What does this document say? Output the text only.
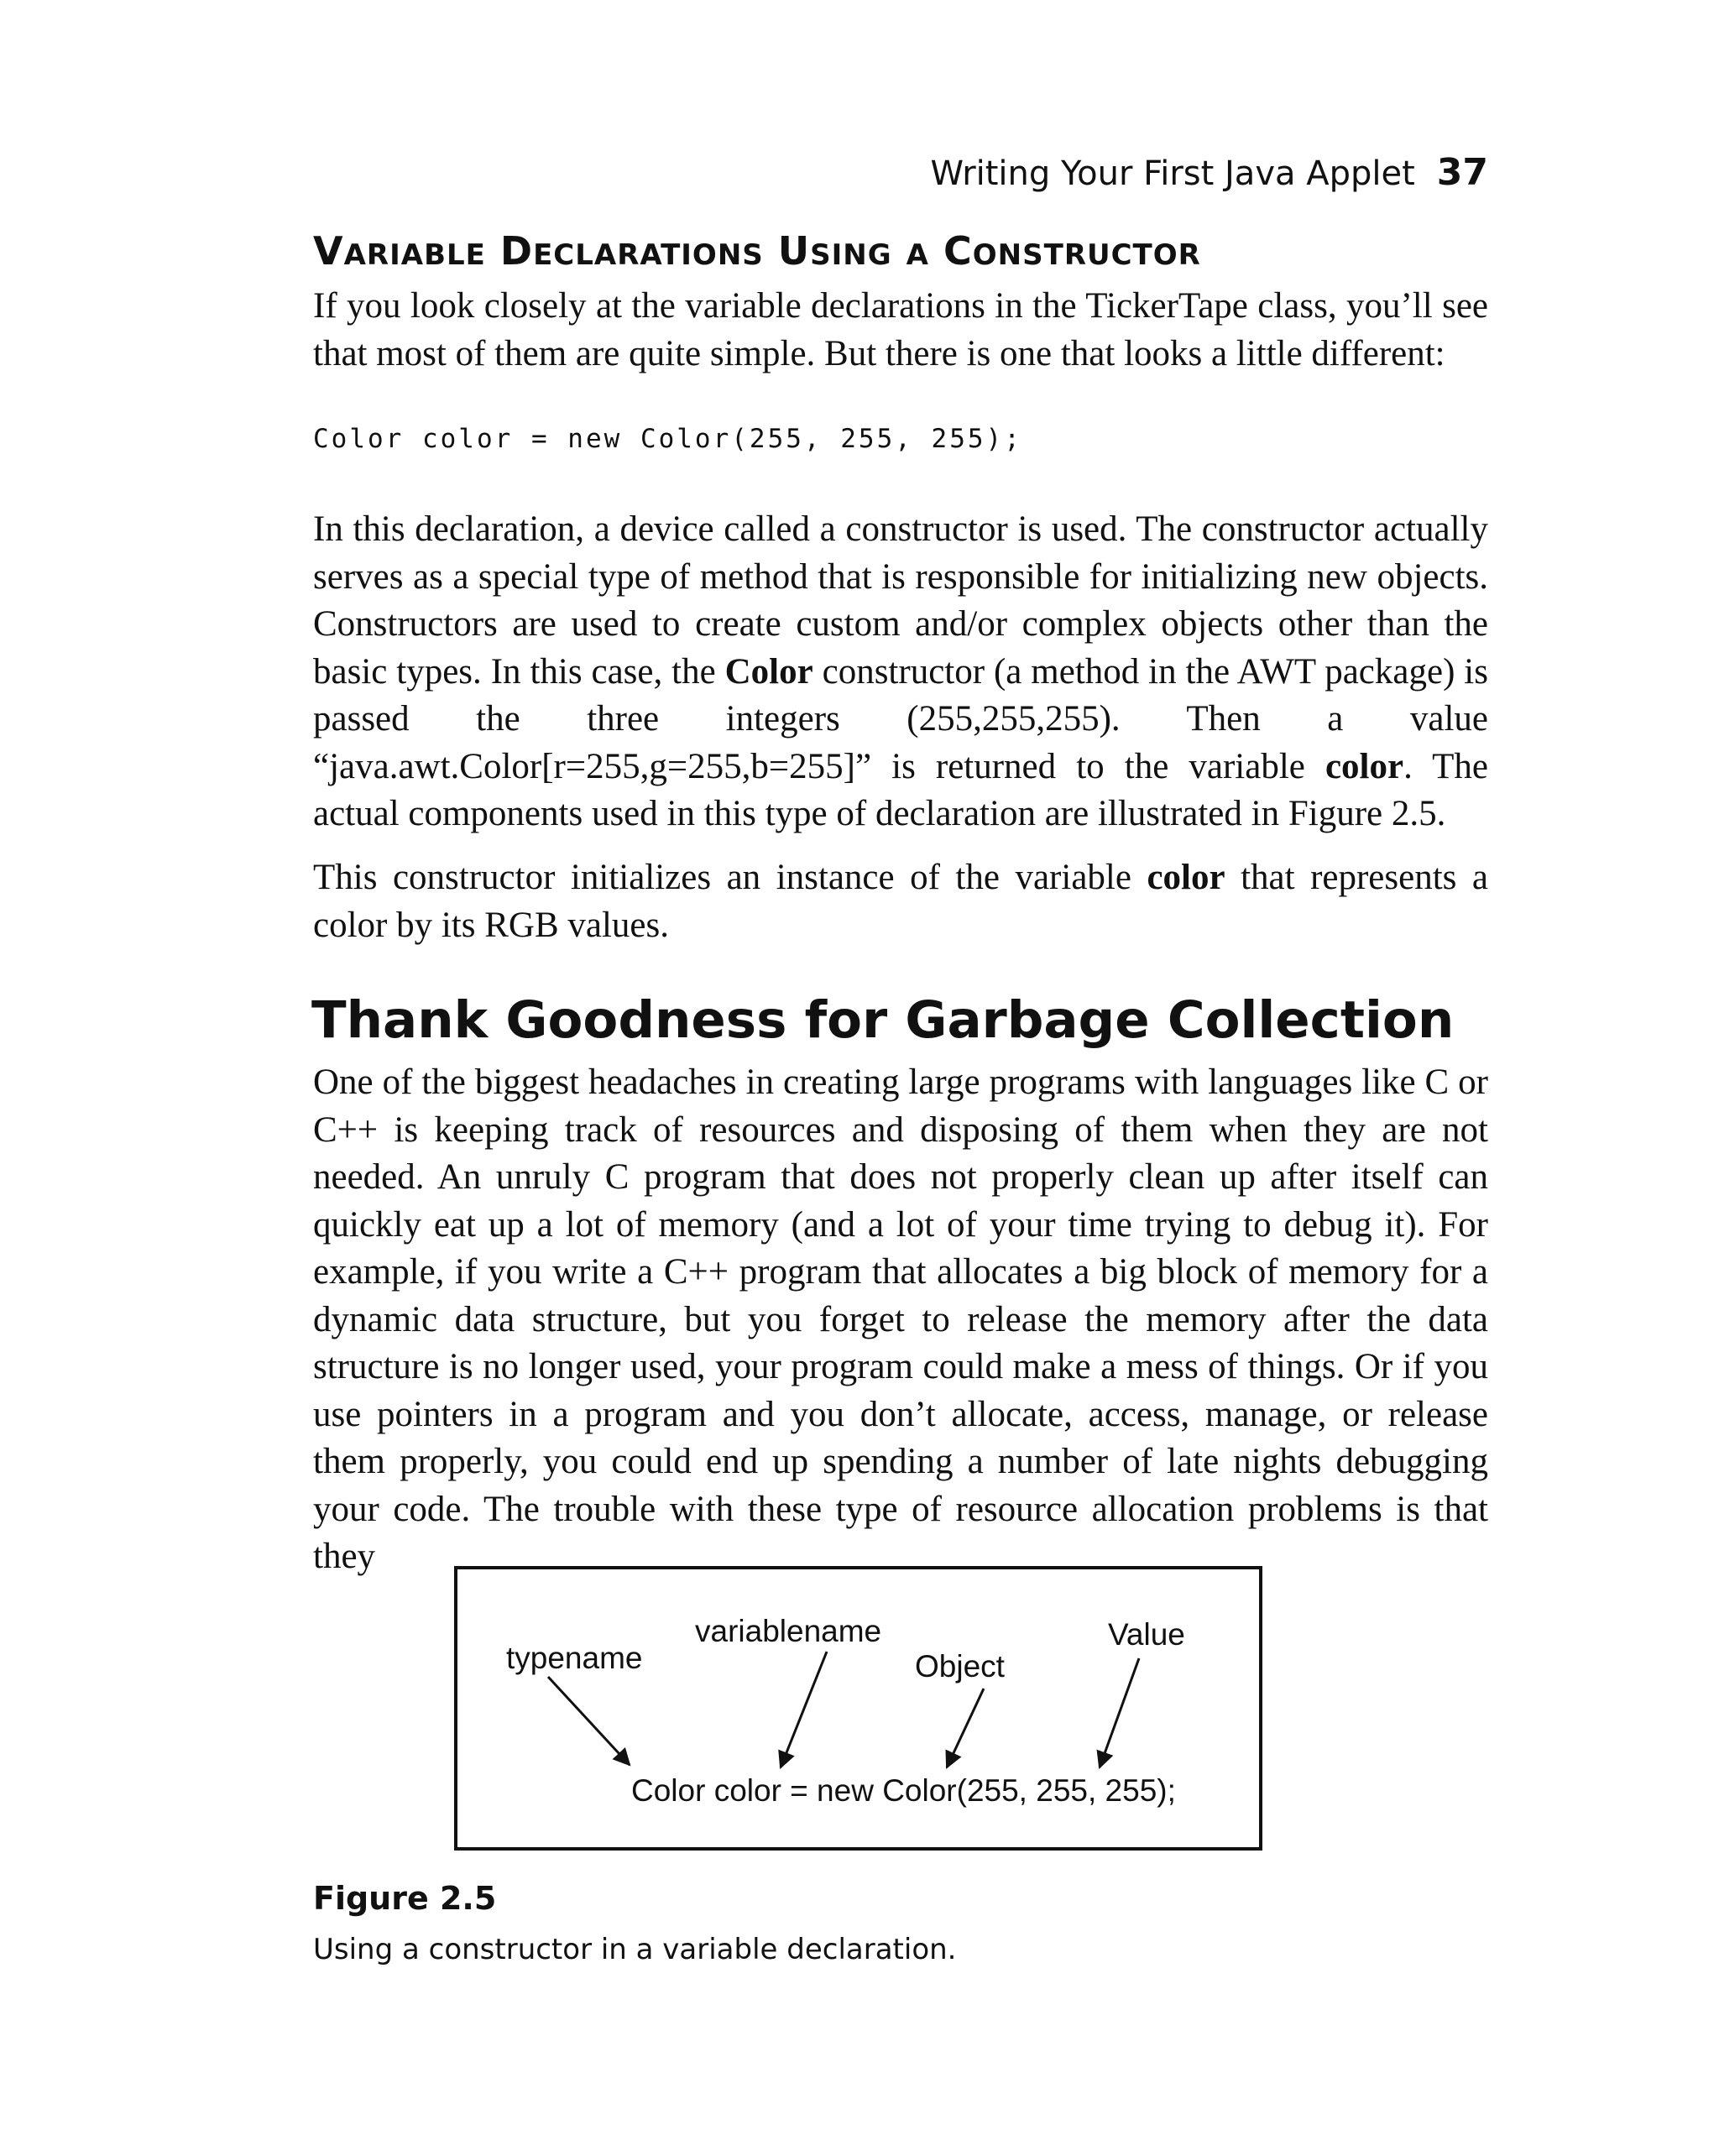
Writing Your First Java Applet 37
VARIABLE DECLARATIONS USING A CONSTRUCTOR

If you look closely at the variable declarations in the TickerTape class, you’ll see that most of them are quite simple. But there is one that looks a little different:

Color color = new Color(255, 255, 255);

In this declaration, a device called a constructor is used. The constructor actually serves as a special type of method that is responsible for initializing new objects. Constructors are used to create custom and/or complex objects other than the basic types. In this case, the Color constructor (a method in the AWT package) is passed the three integers (255,255,255). Then a value “java.awt.Color[r=255,g=255,b=255]” is returned to the variable color. The actual components used in this type of declaration are illustrated in Figure 2.5.

This constructor initializes an instance of the variable color that represents a color by its RGB values.

Thank Goodness for Garbage Collection

One of the biggest headaches in creating large programs with languages like C or C++ is keeping track of resources and disposing of them when they are not needed. An unruly C program that does not properly clean up after itself can quickly eat up a lot of memory (and a lot of your time trying to debug it). For example, if you write a C++ program that allocates a big block of memory for a dynamic data structure, but you forget to release the memory after the data structure is no longer used, your program could make a mess of things. Or if you use pointers in a program and you don’t allocate, access, manage, or release them properly, you could end up spending a number of late nights debugging your code. The trouble with these type of resource allocation problems is that they

typename
variablename
Object
Value
Color color = new Color(255, 255, 255);
Figure 2.5
Using a constructor in a variable declaration.
